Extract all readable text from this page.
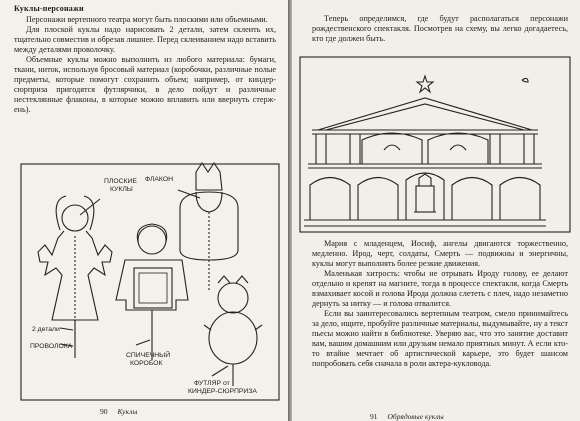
Куклы-персонажи

Персонажи вертепного театра могут быть плоскими или объемными.

Для плоской куклы надо нарисовать 2 детали, затем склеить их, тщательно совместив и обрезав лишнее. Перед склеиванием надо вставить между деталями проволочку.

Объемные куклы можно выполнить из любого материала: бумаги, ткани, ниток, используя бросовый материал (коробочки, различные полые предметы, которые помогут сохранить объем; например, от киндер-сюрприза пригодятся футлярчики, в дело пойдут и различные нестеклянные флаконы, в которые можно вплавить или ввернуть стерж-ень).

ПЛОСКИЕ
КУКЛЫ
ФЛАКОН
2 детали
ПРОВОЛОКА
СПИЧЕЧНЫЙ
КОРОБОК
ФУТЛЯР от
КИНДЕР-СЮРПРИЗА
90 Куклы

Теперь определимся, где будут располагаться персонажи рождественского спектакля. Посмотрев на схему, вы легко догадаетесь, кто где должен быть.

Мария с младенцем, Иосиф, ангелы двигаются торжественно, медленно. Ирод, черт, солдаты, Смерть — подвижны и энергичны, куклы могут выполнять более резкие движения.

Маленькая хитрость: чтобы не отрывать Ироду голову, ее делают отдельно и крепят на магните, тогда в процессе спектакля, когда Смерть взмахивает косой и голова Ирода должна слететь с плеч, надо незаметно дернуть за нитку — и голова отвалится.

Если вы заинтересовались вертепным театром, смело принимайтесь за дело, ищите, пробуйте различные материалы, выдумывайте, ну а текст пьесы можно найти в библиотеке. Уверяю вас, что это занятие доставит вам, вашим домашним или друзьям немало приятных минут. А если кто-то втайне мечтает об артистической карьере, это будет шансом попробовать себя сначала в роли актера-кукловода.

91 Обрядовые куклы
